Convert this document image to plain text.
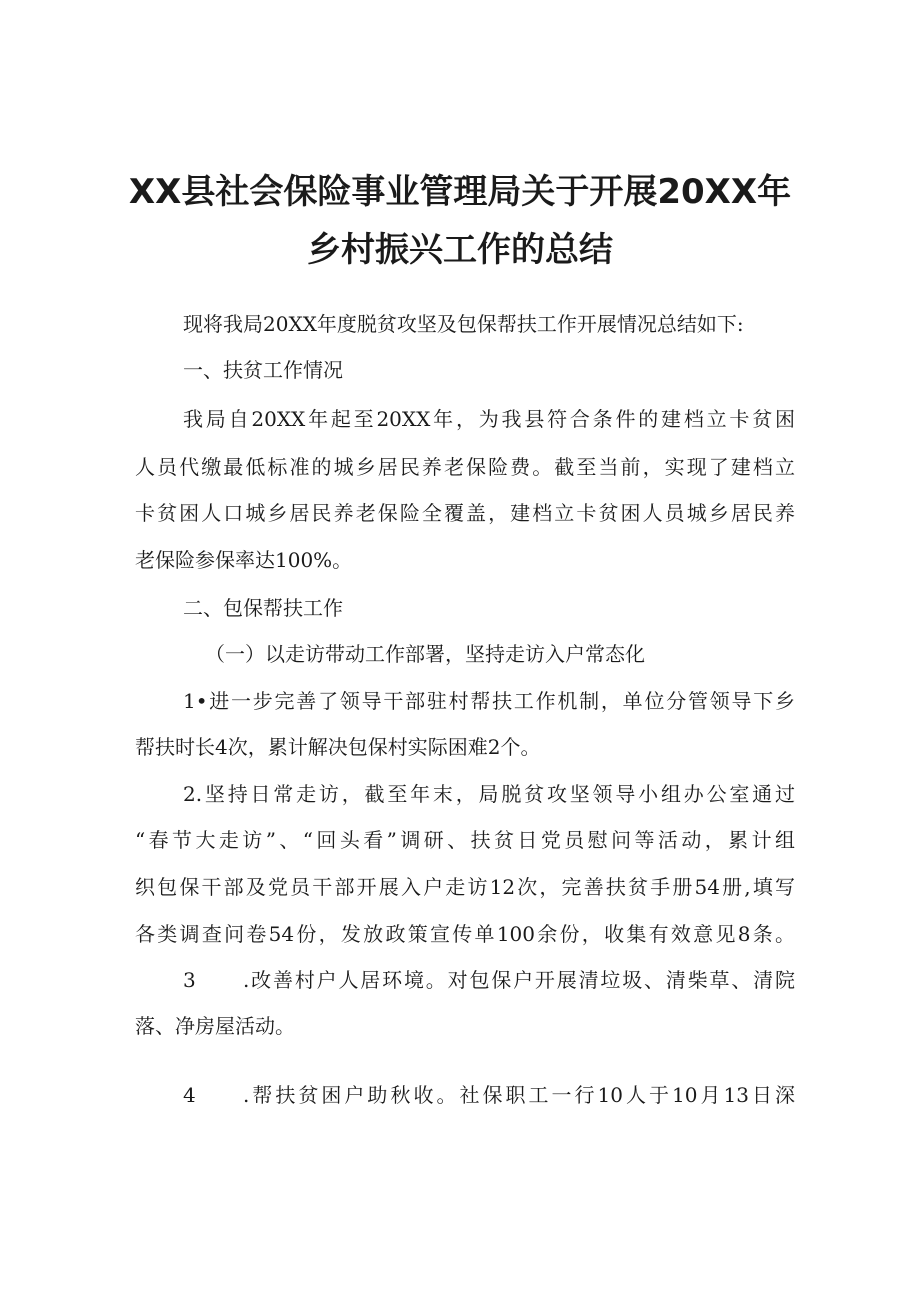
XX县社会保险事业管理局关于开展20XX年
乡村振兴工作的总结
现将我局20XX年度脱贫攻坚及包保帮扶工作开展情况总结如下:
一、扶贫工作情况
我局自20XX年起至20XX年，为我县符合条件的建档立卡贫困
人员代缴最低标准的城乡居民养老保险费。截至当前，实现了建档立
卡贫困人口城乡居民养老保险全覆盖，建档立卡贫困人员城乡居民养
老保险参保率达100%。
二、包保帮扶工作
（一）以走访带动工作部署，坚持走访入户常态化
1•进一步完善了领导干部驻村帮扶工作机制，单位分管领导下乡
帮扶时长4次，累计解决包保村实际困难2个。
2.坚持日常走访，截至年末，局脱贫攻坚领导小组办公室通过
“春节大走访”、“回头看”调研、扶贫日党员慰问等活动，累计组
织包保干部及党员干部开展入户走访12次，完善扶贫手册54册,填写
各类调查问卷54份，发放政策宣传单100余份，收集有效意见8条。
3	.改善村户人居环境。对包保户开展清垃圾、清柴草、清院
落、净房屋活动。
4	.帮扶贫困户助秋收。社保职工一行10人于10月13日深
